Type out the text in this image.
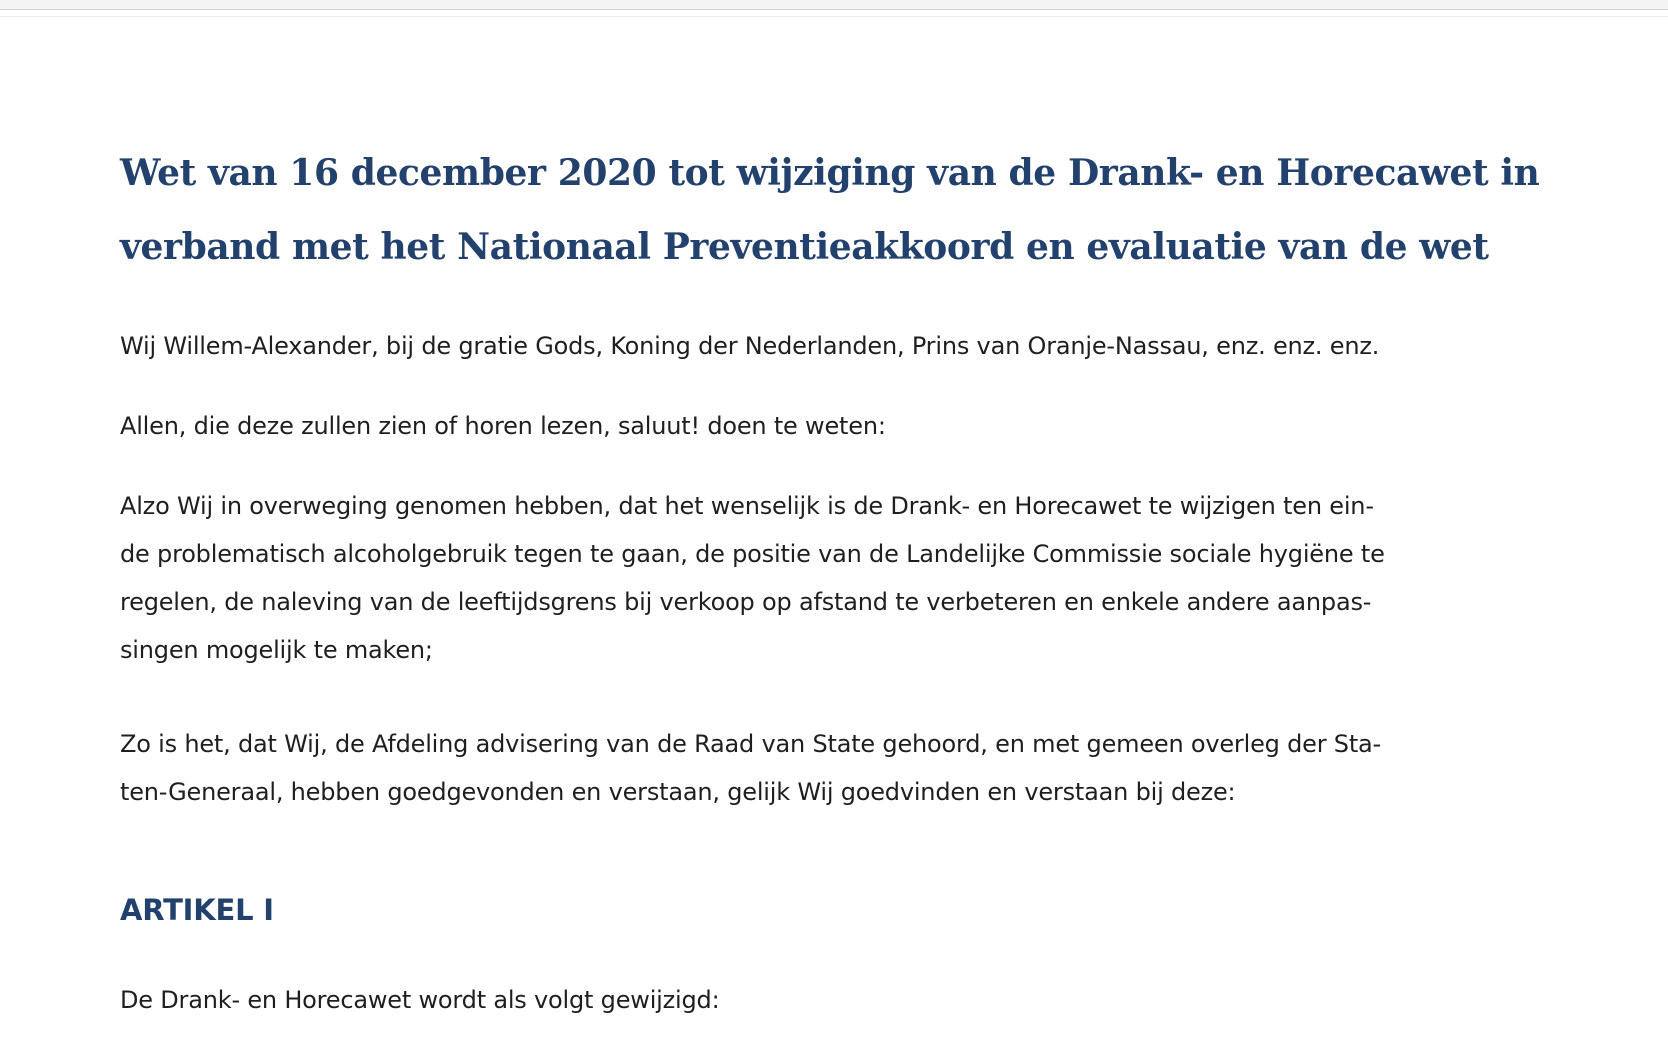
Wet van 16 december 2020 tot wijziging van de Drank- en Horecawet in
verband met het Nationaal Preventieakkoord en evaluatie van de wet

Wij Willem-Alexander, bij de gratie Gods, Koning der Nederlanden, Prins van Oranje-Nassau, enz. enz. enz.

Allen, die deze zullen zien of horen lezen, saluut! doen te weten:

Alzo Wij in overweging genomen hebben, dat het wenselijk is de Drank- en Horecawet te wijzigen ten ein-
de problematisch alcoholgebruik tegen te gaan, de positie van de Landelijke Commissie sociale hygiëne te
regelen, de naleving van de leeftijdsgrens bij verkoop op afstand te verbeteren en enkele andere aanpas-
singen mogelijk te maken;

Zo is het, dat Wij, de Afdeling advisering van de Raad van State gehoord, en met gemeen overleg der Sta-
ten-Generaal, hebben goedgevonden en verstaan, gelijk Wij goedvinden en verstaan bij deze:

ARTIKEL I

De Drank- en Horecawet wordt als volgt gewijzigd:
